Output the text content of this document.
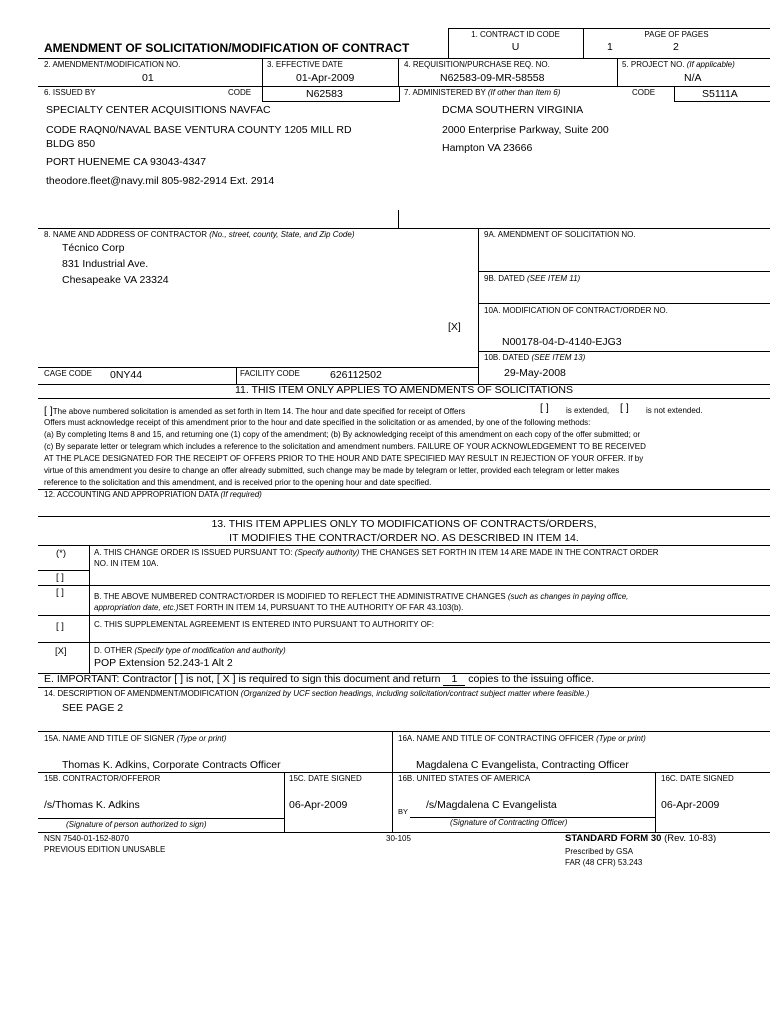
1. CONTRACT ID CODE
U
PAGE OF PAGES
1	2
AMENDMENT OF SOLICITATION/MODIFICATION OF CONTRACT
2. AMENDMENT/MODIFICATION NO.
01
3. EFFECTIVE DATE
01-Apr-2009
4. REQUISITION/PURCHASE REQ. NO.
N62583-09-MR-58558
5. PROJECT NO. (If applicable)
N/A
6. ISSUED BY	CODE	N62583	7. ADMINISTERED BY (If other than Item 6)	CODE	S5111A
SPECIALTY CENTER ACQUISITIONS NAVFAC
CODE RAQN0/NAVAL BASE VENTURA COUNTY 1205 MILL RD
BLDG 850
PORT HUENEME CA 93043-4347
theodore.fleet@navy.mil 805-982-2914 Ext. 2914
DCMA SOUTHERN VIRGINIA
2000 Enterprise Parkway, Suite 200
Hampton VA 23666
8. NAME AND ADDRESS OF CONTRACTOR (No., street, county, State, and Zip Code)
Técnico Corp
831 Industrial Ave.
Chesapeake VA 23324
9A. AMENDMENT OF SOLICITATION NO.
9B. DATED (SEE ITEM 11)
10A. MODIFICATION OF CONTRACT/ORDER NO.
[X]
N00178-04-D-4140-EJG3
10B. DATED (SEE ITEM 13)
29-May-2008
CAGE CODE 0NY44	FACILITY CODE	626112502
11. THIS ITEM ONLY APPLIES TO AMENDMENTS OF SOLICITATIONS
[ ]The above numbered solicitation is amended as set forth in Item 14. The hour and date specified for receipt of Offers	[ ] is extended, [ ] is not extended.
Offers must acknowledge receipt of this amendment prior to the hour and date specified in the solicitation or as amended, by one of the following methods:
(a) By completing Items 8 and 15, and returning one (1) copy of the amendment; (b) By acknowledging receipt of this amendment on each copy of the offer submitted; or
(c) By separate letter or telegram which includes a reference to the solicitation and amendment numbers. FAILURE OF YOUR ACKNOWLEDGEMENT TO BE RECEIVED
AT THE PLACE DESIGNATED FOR THE RECEIPT OF OFFERS PRIOR TO THE HOUR AND DATE SPECIFIED MAY RESULT IN REJECTION OF YOUR OFFER. If by
virtue of this amendment you desire to change an offer already submitted, such change may be made by telegram or letter, provided each telegram or letter makes
reference to the solicitation and this amendment, and is received prior to the opening hour and date specified.
12. ACCOUNTING AND APPROPRIATION DATA (If required)
13. THIS ITEM APPLIES ONLY TO MODIFICATIONS OF CONTRACTS/ORDERS,
IT MODIFIES THE CONTRACT/ORDER NO. AS DESCRIBED IN ITEM 14.
(*)	A. THIS CHANGE ORDER IS ISSUED PURSUANT TO: (Specify authority) THE CHANGES SET FORTH IN ITEM 14 ARE MADE IN THE CONTRACT ORDER
NO. IN ITEM 10A.
[ ]
[ ]	B. THE ABOVE NUMBERED CONTRACT/ORDER IS MODIFIED TO REFLECT THE ADMINISTRATIVE CHANGES (such as changes in paying office,
appropriation date, etc.)SET FORTH IN ITEM 14, PURSUANT TO THE AUTHORITY OF FAR 43.103(b).
[ ]	C. THIS SUPPLEMENTAL AGREEMENT IS ENTERED INTO PURSUANT TO AUTHORITY OF:
[X]	D. OTHER (Specify type of modification and authority)
POP Extension 52.243-1 Alt 2
E. IMPORTANT: Contractor [ ] is not, [ X ] is required to sign this document and return 1 copies to the issuing office.
14. DESCRIPTION OF AMENDMENT/MODIFICATION (Organized by UCF section headings, including solicitation/contract subject matter where feasible.)
SEE PAGE 2
15A. NAME AND TITLE OF SIGNER (Type or print)
Thomas K. Adkins, Corporate Contracts Officer
16A. NAME AND TITLE OF CONTRACTING OFFICER (Type or print)
Magdalena C Evangelista, Contracting Officer
15B. CONTRACTOR/OFFEROR	15C. DATE SIGNED	16B. UNITED STATES OF AMERICA	16C. DATE SIGNED
/s/Thomas K. Adkins	06-Apr-2009
BY
/s/Magdalena C Evangelista	06-Apr-2009
(Signature of person authorized to sign)	(Signature of Contracting Officer)
NSN 7540-01-152-8070
PREVIOUS EDITION UNUSABLE
30-105	STANDARD FORM 30 (Rev. 10-83)
Prescribed by GSA
FAR (48 CFR) 53.243
